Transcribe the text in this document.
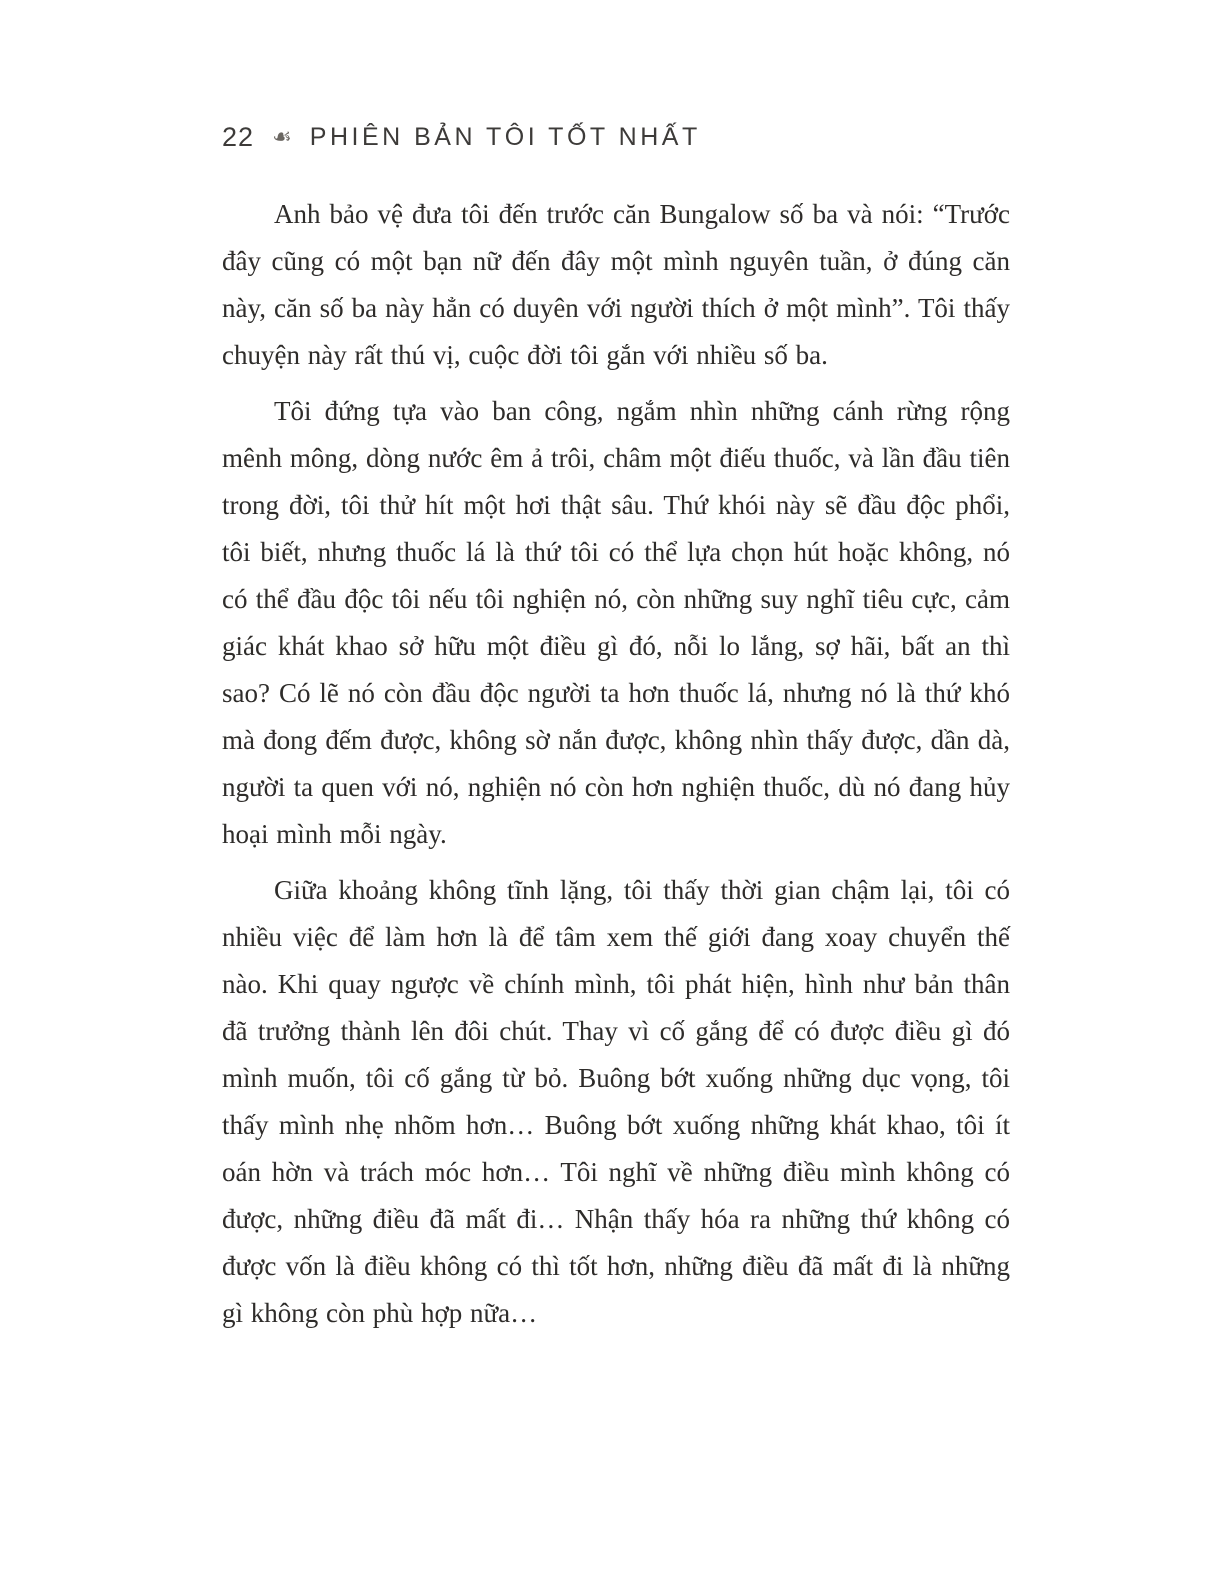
22 ☙ PHIÊN BẢN TÔI TỐT NHẤT

Anh bảo vệ đưa tôi đến trước căn Bungalow số ba và nói: “Trước đây cũng có một bạn nữ đến đây một mình nguyên tuần, ở đúng căn này, căn số ba này hẳn có duyên với người thích ở một mình”. Tôi thấy chuyện này rất thú vị, cuộc đời tôi gắn với nhiều số ba.

Tôi đứng tựa vào ban công, ngắm nhìn những cánh rừng rộng mênh mông, dòng nước êm ả trôi, châm một điếu thuốc, và lần đầu tiên trong đời, tôi thử hít một hơi thật sâu. Thứ khói này sẽ đầu độc phổi, tôi biết, nhưng thuốc lá là thứ tôi có thể lựa chọn hút hoặc không, nó có thể đầu độc tôi nếu tôi nghiện nó, còn những suy nghĩ tiêu cực, cảm giác khát khao sở hữu một điều gì đó, nỗi lo lắng, sợ hãi, bất an thì sao? Có lẽ nó còn đầu độc người ta hơn thuốc lá, nhưng nó là thứ khó mà đong đếm được, không sờ nắn được, không nhìn thấy được, dần dà, người ta quen với nó, nghiện nó còn hơn nghiện thuốc, dù nó đang hủy hoại mình mỗi ngày.

Giữa khoảng không tĩnh lặng, tôi thấy thời gian chậm lại, tôi có nhiều việc để làm hơn là để tâm xem thế giới đang xoay chuyển thế nào. Khi quay ngược về chính mình, tôi phát hiện, hình như bản thân đã trưởng thành lên đôi chút. Thay vì cố gắng để có được điều gì đó mình muốn, tôi cố gắng từ bỏ. Buông bớt xuống những dục vọng, tôi thấy mình nhẹ nhõm hơn… Buông bớt xuống những khát khao, tôi ít oán hờn và trách móc hơn… Tôi nghĩ về những điều mình không có được, những điều đã mất đi… Nhận thấy hóa ra những thứ không có được vốn là điều không có thì tốt hơn, những điều đã mất đi là những gì không còn phù hợp nữa…
